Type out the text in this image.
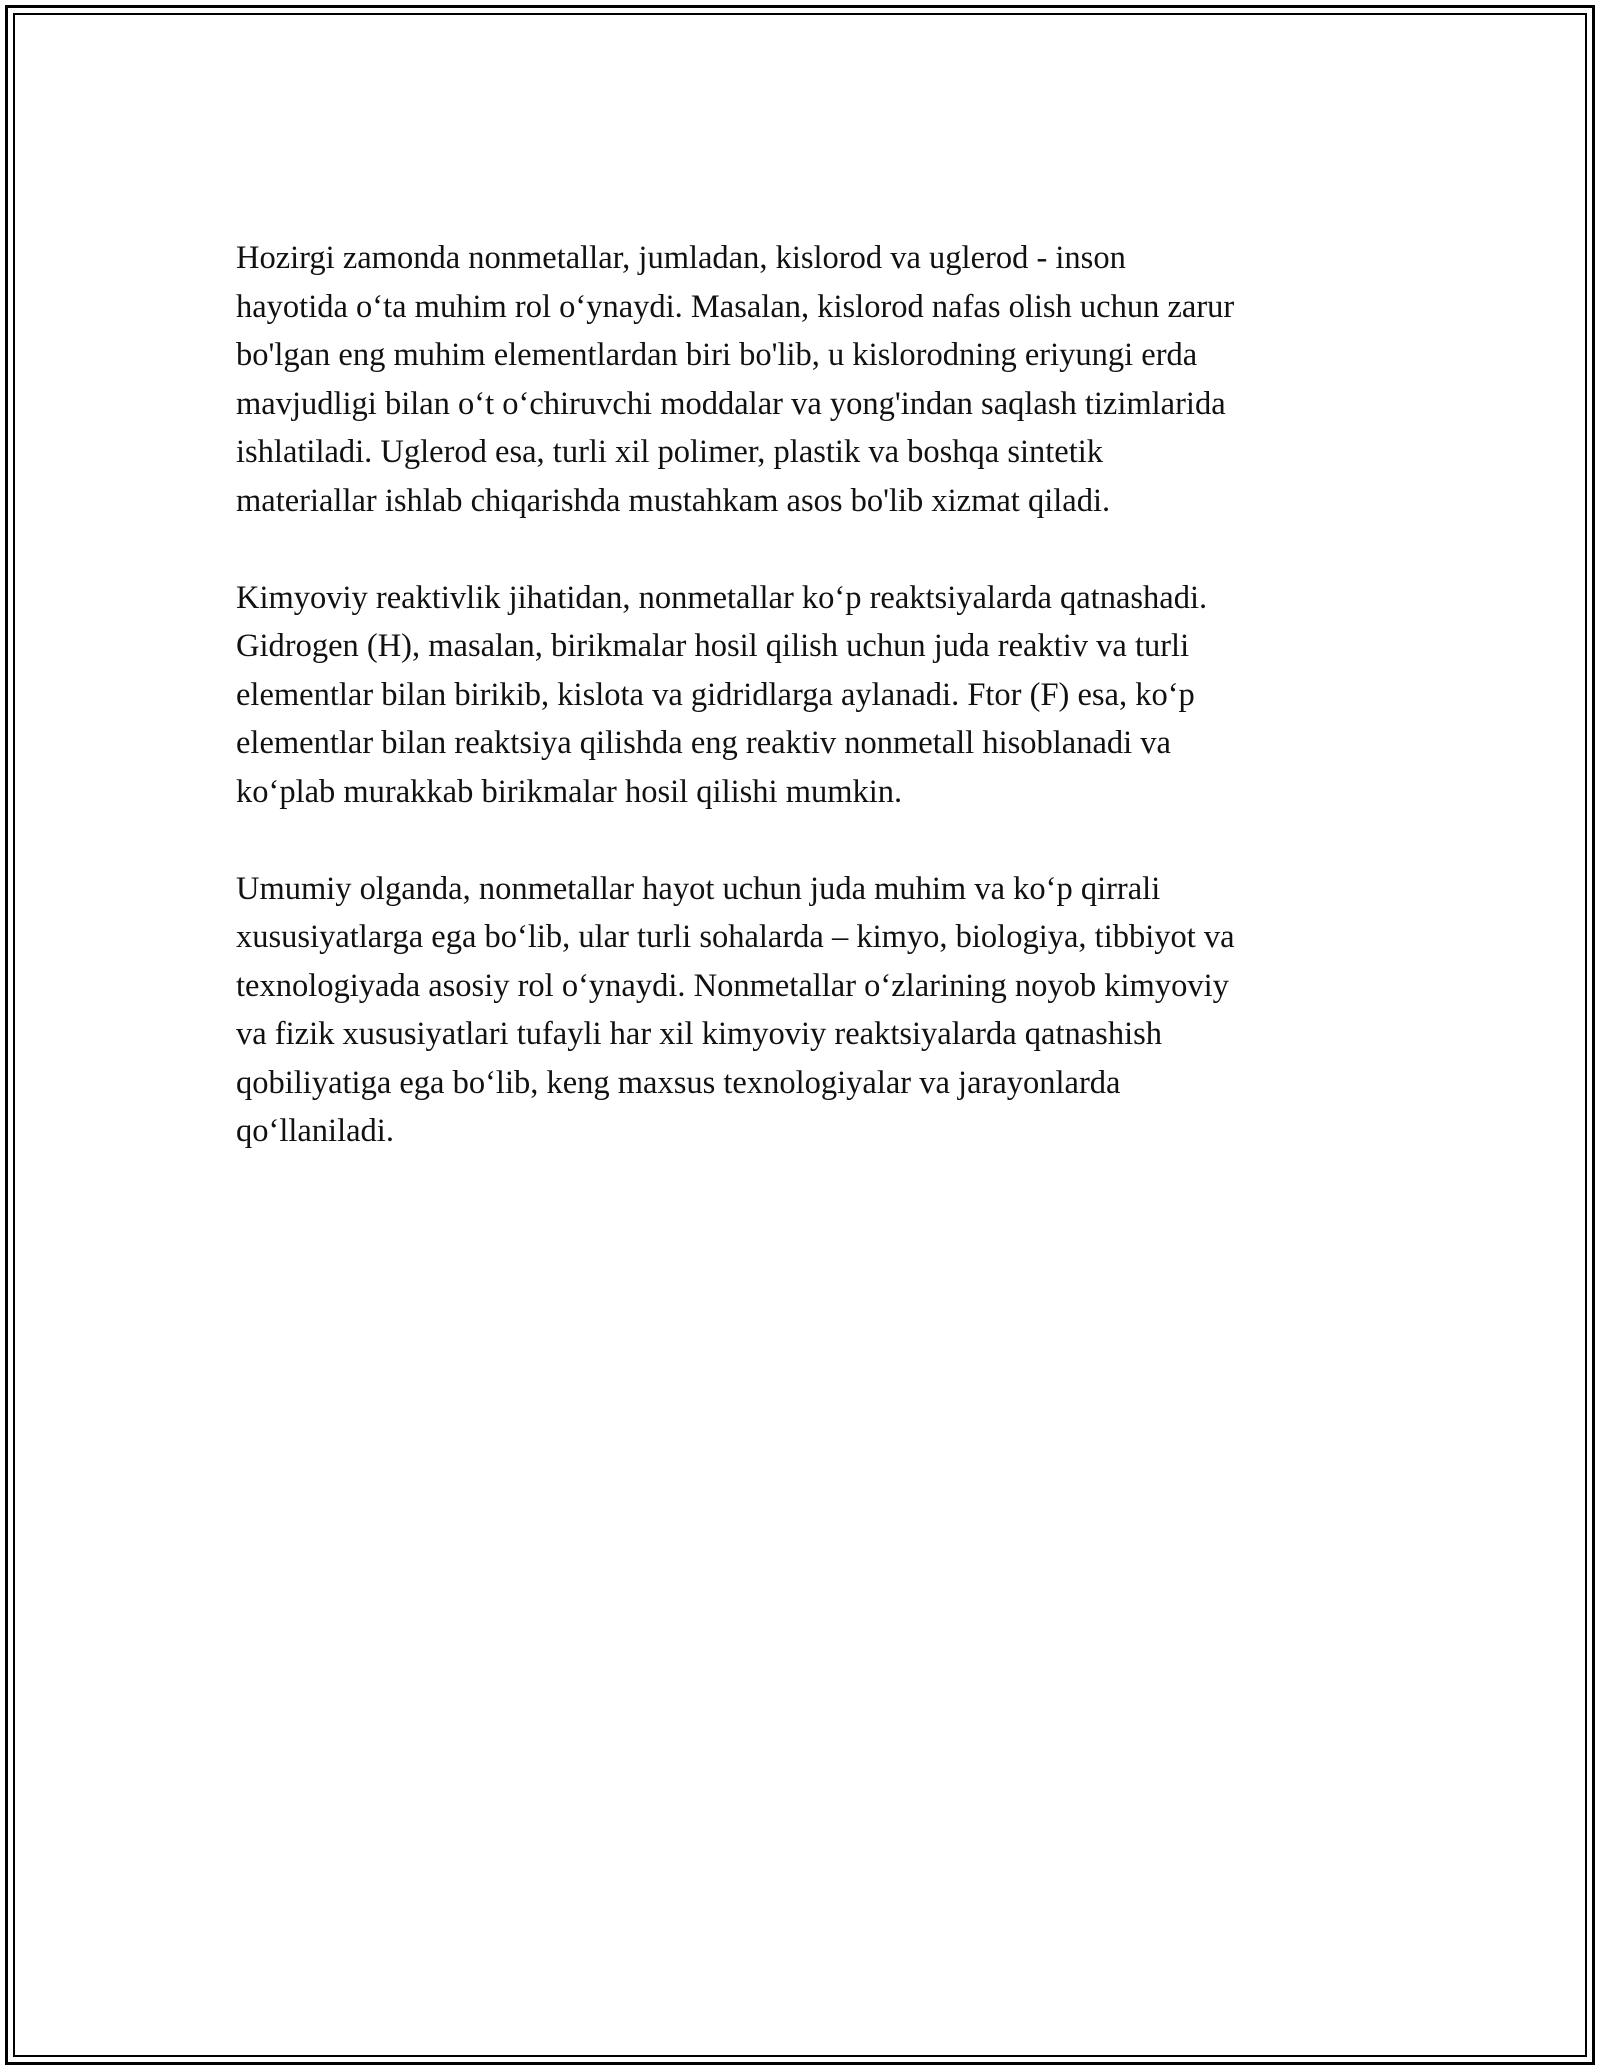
Hozirgi zamonda nonmetallar, jumladan, kislorod va uglerod - inson
hayotida o‘ta muhim rol o‘ynaydi. Masalan, kislorod nafas olish uchun zarur
bo'lgan eng muhim elementlardan biri bo'lib, u kislorodning eriyungi erda
mavjudligi bilan o‘t o‘chiruvchi moddalar va yong'indan saqlash tizimlarida
ishlatiladi. Uglerod esa, turli xil polimer, plastik va boshqa sintetik
materiallar ishlab chiqarishda mustahkam asos bo'lib xizmat qiladi.

Kimyoviy reaktivlik jihatidan, nonmetallar ko‘p reaktsiyalarda qatnashadi.
Gidrogen (H), masalan, birikmalar hosil qilish uchun juda reaktiv va turli
elementlar bilan birikib, kislota va gidridlarga aylanadi. Ftor (F) esa, ko‘p
elementlar bilan reaktsiya qilishda eng reaktiv nonmetall hisoblanadi va
ko‘plab murakkab birikmalar hosil qilishi mumkin.

Umumiy olganda, nonmetallar hayot uchun juda muhim va ko‘p qirrali
xususiyatlarga ega bo‘lib, ular turli sohalarda – kimyo, biologiya, tibbiyot va
texnologiyada asosiy rol o‘ynaydi. Nonmetallar o‘zlarining noyob kimyoviy
va fizik xususiyatlari tufayli har xil kimyoviy reaktsiyalarda qatnashish
qobiliyatiga ega bo‘lib, keng maxsus texnologiyalar va jarayonlarda
qo‘llaniladi.
